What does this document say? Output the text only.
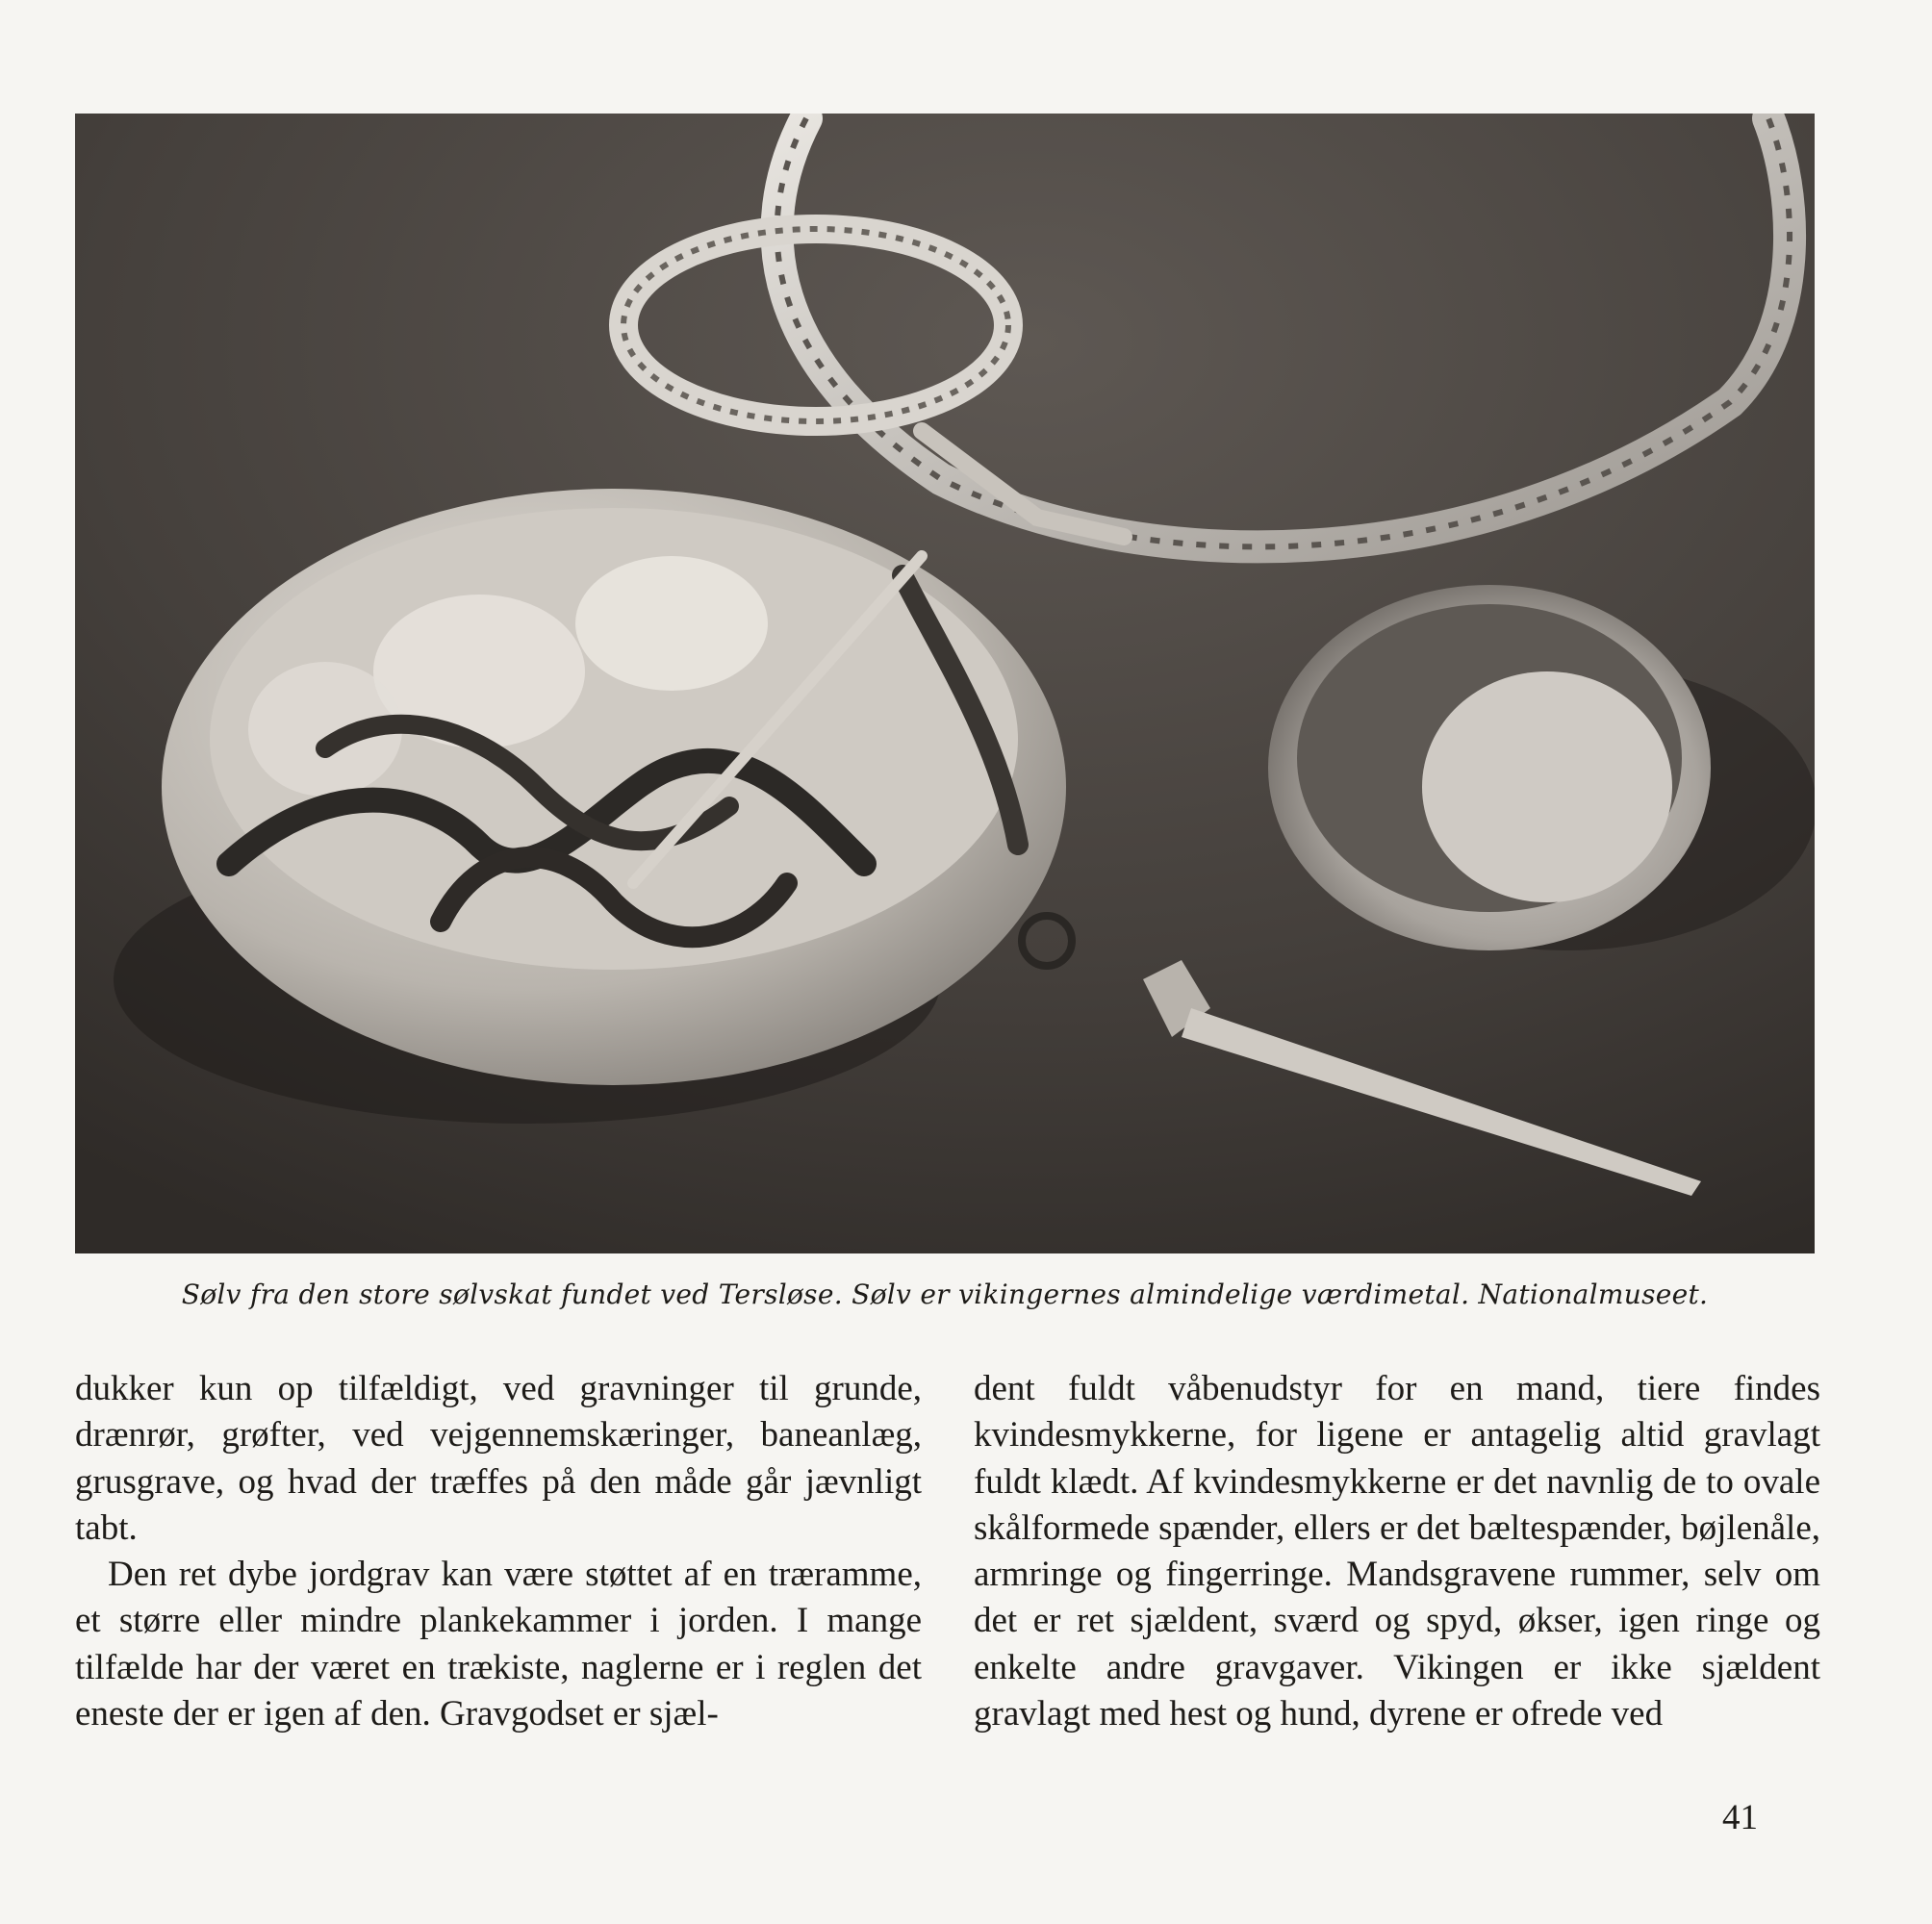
Sølv fra den store sølvskat fundet ved Tersløse. Sølv er vikingernes almindelige værdimetal. Nationalmuseet.

dukker kun op tilfældigt, ved gravninger til grunde, drænrør, grøfter, ved vejgennemskæringer, baneanlæg, grusgrave, og hvad der træffes på den måde går jævnligt tabt.

Den ret dybe jordgrav kan være støttet af en træramme, et større eller mindre plankekammer i jorden. I mange tilfælde har der været en trækiste, naglerne er i reglen det eneste der er igen af den. Gravgodset er sjæl-

dent fuldt våbenudstyr for en mand, tiere findes kvindesmykkerne, for ligene er antagelig altid gravlagt fuldt klædt. Af kvindesmykkerne er det navnlig de to ovale skålformede spænder, ellers er det bæltespænder, bøjlenåle, armringe og fingerringe. Mandsgravene rummer, selv om det er ret sjældent, sværd og spyd, økser, igen ringe og enkelte andre gravgaver. Vikingen er ikke sjældent gravlagt med hest og hund, dyrene er ofrede ved

41
